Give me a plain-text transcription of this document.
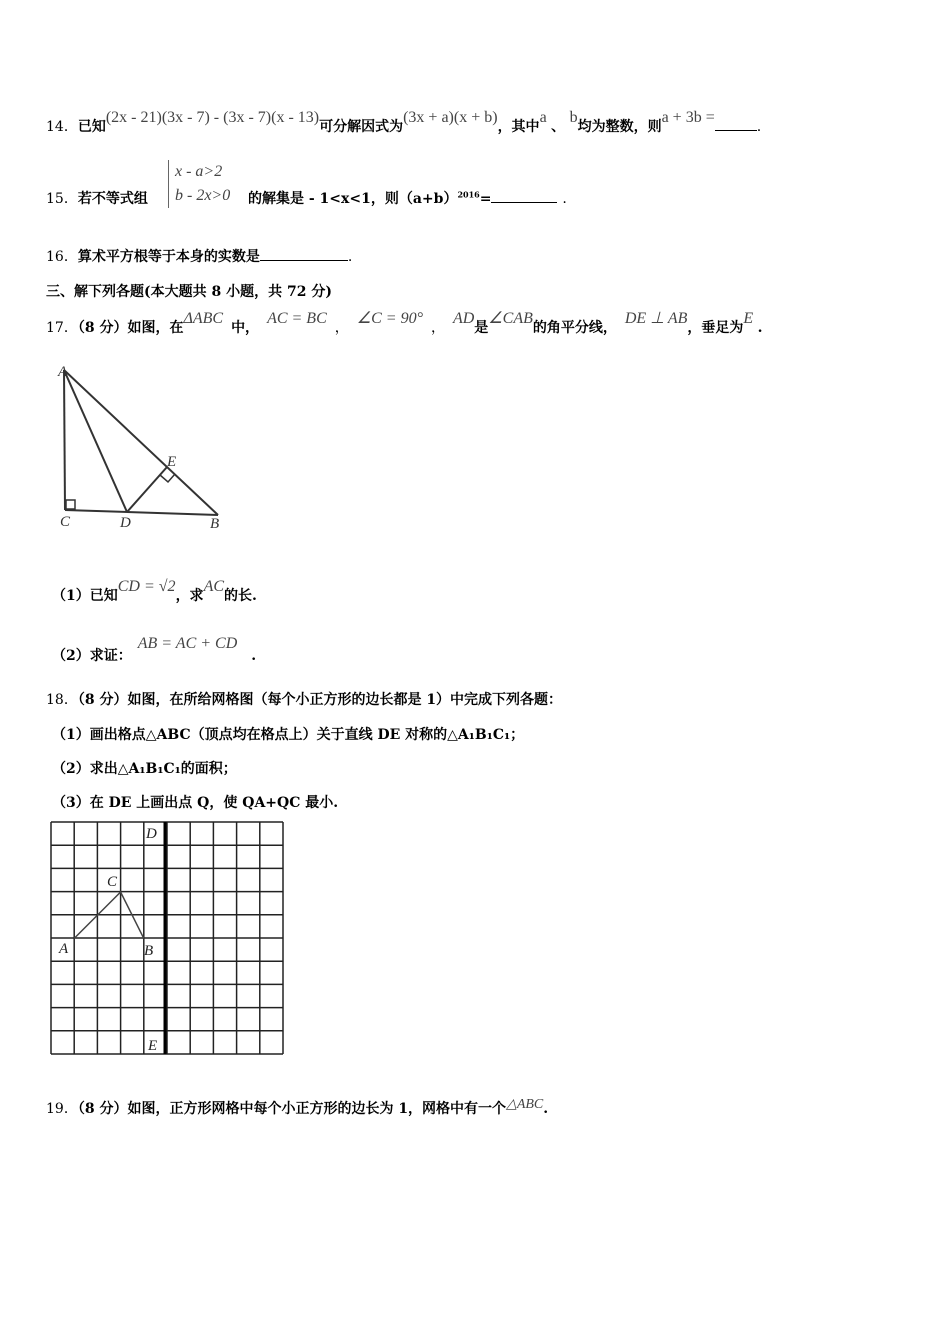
14．已知(2x - 21)(3x - 7) - (3x - 7)(x - 13)可分解因式为(3x + a)(x + b)，其中a 、 b均为整数，则a + 3b =.
15．若不等式组
x - a>2
b - 2x>0 的解集是 - 1<x<1，则$(a+b)^{2016}=$	.
16．算术平方根等于本身的实数是	.
三、解下列各题(本大题共 8 小题，共 72 分)
17．（8 分）如图，在ΔABC中，AC = BC，∠C = 90°，AD是∠CAB的角平分线，DE ⊥ AB，垂足为E .
A
C	D	B
E
（1）已知CD = √2，求AC的长.
（2）求证：AB = AC + CD.
18．（8 分）如图，在所给网格图（每个小正方形的边长都是 1）中完成下列各题：
（1）画出格点△ABC（顶点均在格点上）关于直线 DE 对称的△A₁B₁C₁；
（2）求出△A₁B₁C₁的面积；
（3）在 DE 上画出点 Q，使 QA+QC 最小.
D
C
A	B
E
19．（8 分）如图，正方形网格中每个小正方形的边长为 1，网格中有一个△ABC.
